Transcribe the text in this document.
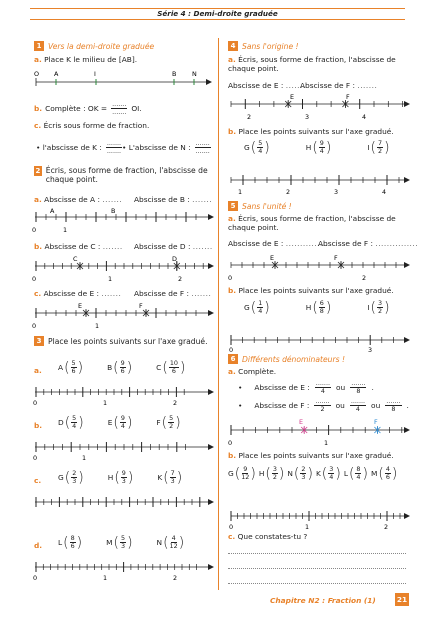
Série 4 : Demi-droite graduée
1 Vers la demi-droite graduée
a. Place K le milieu de [AB].
O A	I	B N
b. Complète : OK = $\frac{.......}{.......}$ OI.
c. Écris sous forme de fraction.
• l'abscisse de K : $\frac{.......}{.......}$ • L'abscisse de N : $\frac{.......}{.......}$
2 Écris, sous forme de fraction, l'abscisse de chaque point.
a. Abscisse de A : ....... Abscisse de B : .......
0	1
A	B
b. Abscisse de C : ....... Abscisse de D : .......
0	1	2
C	D
c. Abscisse de E : ....... Abscisse de F : .......
0	1
E	F
3 Place les points suivants sur l'axe gradué.
a. A ( $\frac{5}{6}$ )	B ( $\frac{9}{6}$ )	C ( $\frac{10}{6}$ )
0	1	2
b. D ( $\frac{5}{4}$ )	E ( $\frac{9}{4}$ )	F ( $\frac{5}{2}$ )
0	1
c. G ( $\frac{2}{3}$ )	H ( $\frac{9}{3}$ )	K ( $\frac{7}{3}$ )
d. L ( $\frac{8}{6}$ )	M ( $\frac{5}{3}$ )	N ( $\frac{4}{12}$ )
0	1	2
4 Sans l'origine !
a. Écris, sous forme de fraction, l'abscisse de chaque point.
Abscisse de E : .......
Abscisse de F : .......
2	3	4
E	F
b. Place les points suivants sur l'axe gradué.
G ( $\frac{5}{4}$ )	H ( $\frac{9}{4}$ )	I ( $\frac{7}{2}$ )
1	2	3	4
5 Sans l'unité !
a. Écris, sous forme de fraction, l'abscisse de chaque point.
Abscisse de E : ...............
Abscisse de F : ...............
0	2
E	F
b. Place les points suivants sur l'axe gradué.
G ( $\frac{1}{4}$ )	H ( $\frac{6}{8}$ )	I ( $\frac{3}{2}$ )
0	3
6 Différents dénominateurs !
a. Complète.
• Abscisse de E : $\frac{.......}{4}$ ou $\frac{.......}{8}$ .
• Abscisse de F : $\frac{.......}{2}$ ou $\frac{.......}{4}$ ou $\frac{.......}{8}$ .
0	1
E	F
b. Place les points suivants sur l'axe gradué.
G ( $\frac{9}{12}$ ) H ( $\frac{3}{2}$ ) N ( $\frac{2}{3}$ ) K ( $\frac{3}{4}$ ) L ( $\frac{8}{4}$ ) M ( $\frac{4}{6}$ )
0	1	2
c. Que constates-tu ?
Chapitre N2 : Fraction (1)	21
